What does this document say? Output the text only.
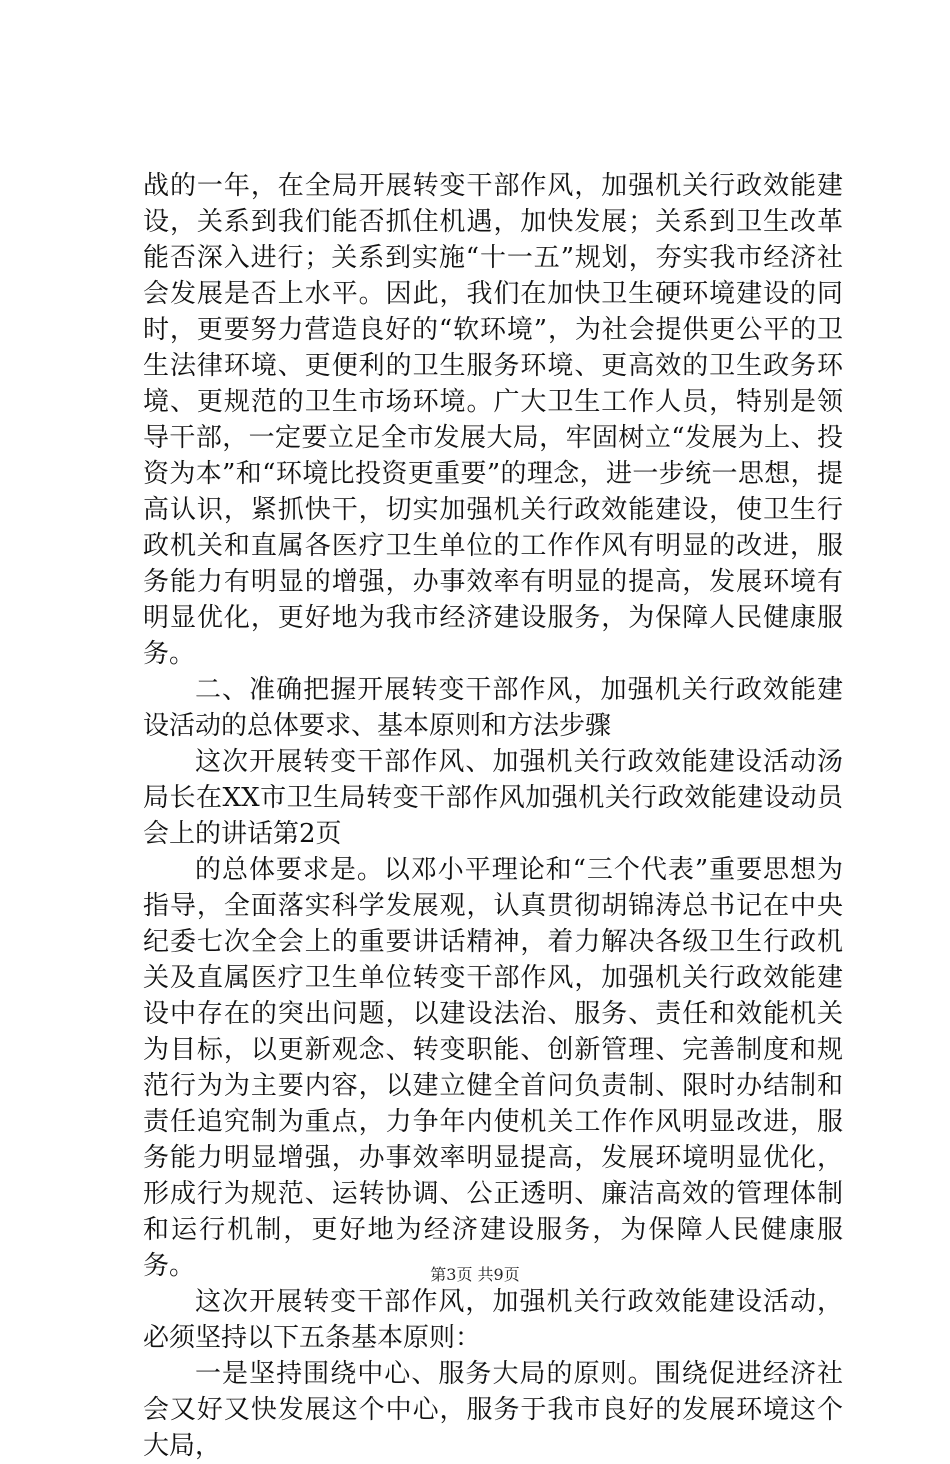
战的一年，在全局开展转变干部作风，加强机关行政效能建设，关系到我们能否抓住机遇，加快发展；关系到卫生改革能否深入进行；关系到实施“十一五”规划，夯实我市经济社会发展是否上水平。因此，我们在加快卫生硬环境建设的同时，更要努力营造良好的“软环境”，为社会提供更公平的卫生法律环境、更便利的卫生服务环境、更高效的卫生政务环境、更规范的卫生市场环境。广大卫生工作人员，特别是领导干部，一定要立足全市发展大局，牢固树立“发展为上、投资为本”和“环境比投资更重要”的理念，进一步统一思想，提高认识，紧抓快干，切实加强机关行政效能建设，使卫生行政机关和直属各医疗卫生单位的工作作风有明显的改进，服务能力有明显的增强，办事效率有明显的提高，发展环境有明显优化，更好地为我市经济建设服务，为保障人民健康服务。

二、准确把握开展转变干部作风，加强机关行政效能建设活动的总体要求、基本原则和方法步骤

这次开展转变干部作风、加强机关行政效能建设活动汤局长在XX市卫生局转变干部作风加强机关行政效能建设动员会上的讲话第2页

的总体要求是。以邓小平理论和“三个代表”重要思想为指导，全面落实科学发展观，认真贯彻胡锦涛总书记在中央纪委七次全会上的重要讲话精神，着力解决各级卫生行政机关及直属医疗卫生单位转变干部作风，加强机关行政效能建设中存在的突出问题，以建设法治、服务、责任和效能机关为目标，以更新观念、转变职能、创新管理、完善制度和规范行为为主要内容，以建立健全首问负责制、限时办结制和责任追究制为重点，力争年内使机关工作作风明显改进，服务能力明显增强，办事效率明显提高，发展环境明显优化，形成行为规范、运转协调、公正透明、廉洁高效的管理体制和运行机制，更好地为经济建设服务，为保障人民健康服务。

这次开展转变干部作风，加强机关行政效能建设活动，必须坚持以下五条基本原则：

一是坚持围绕中心、服务大局的原则。围绕促进经济社会又好又快发展这个中心，服务于我市良好的发展环境这个大局，

第3页 共9页
